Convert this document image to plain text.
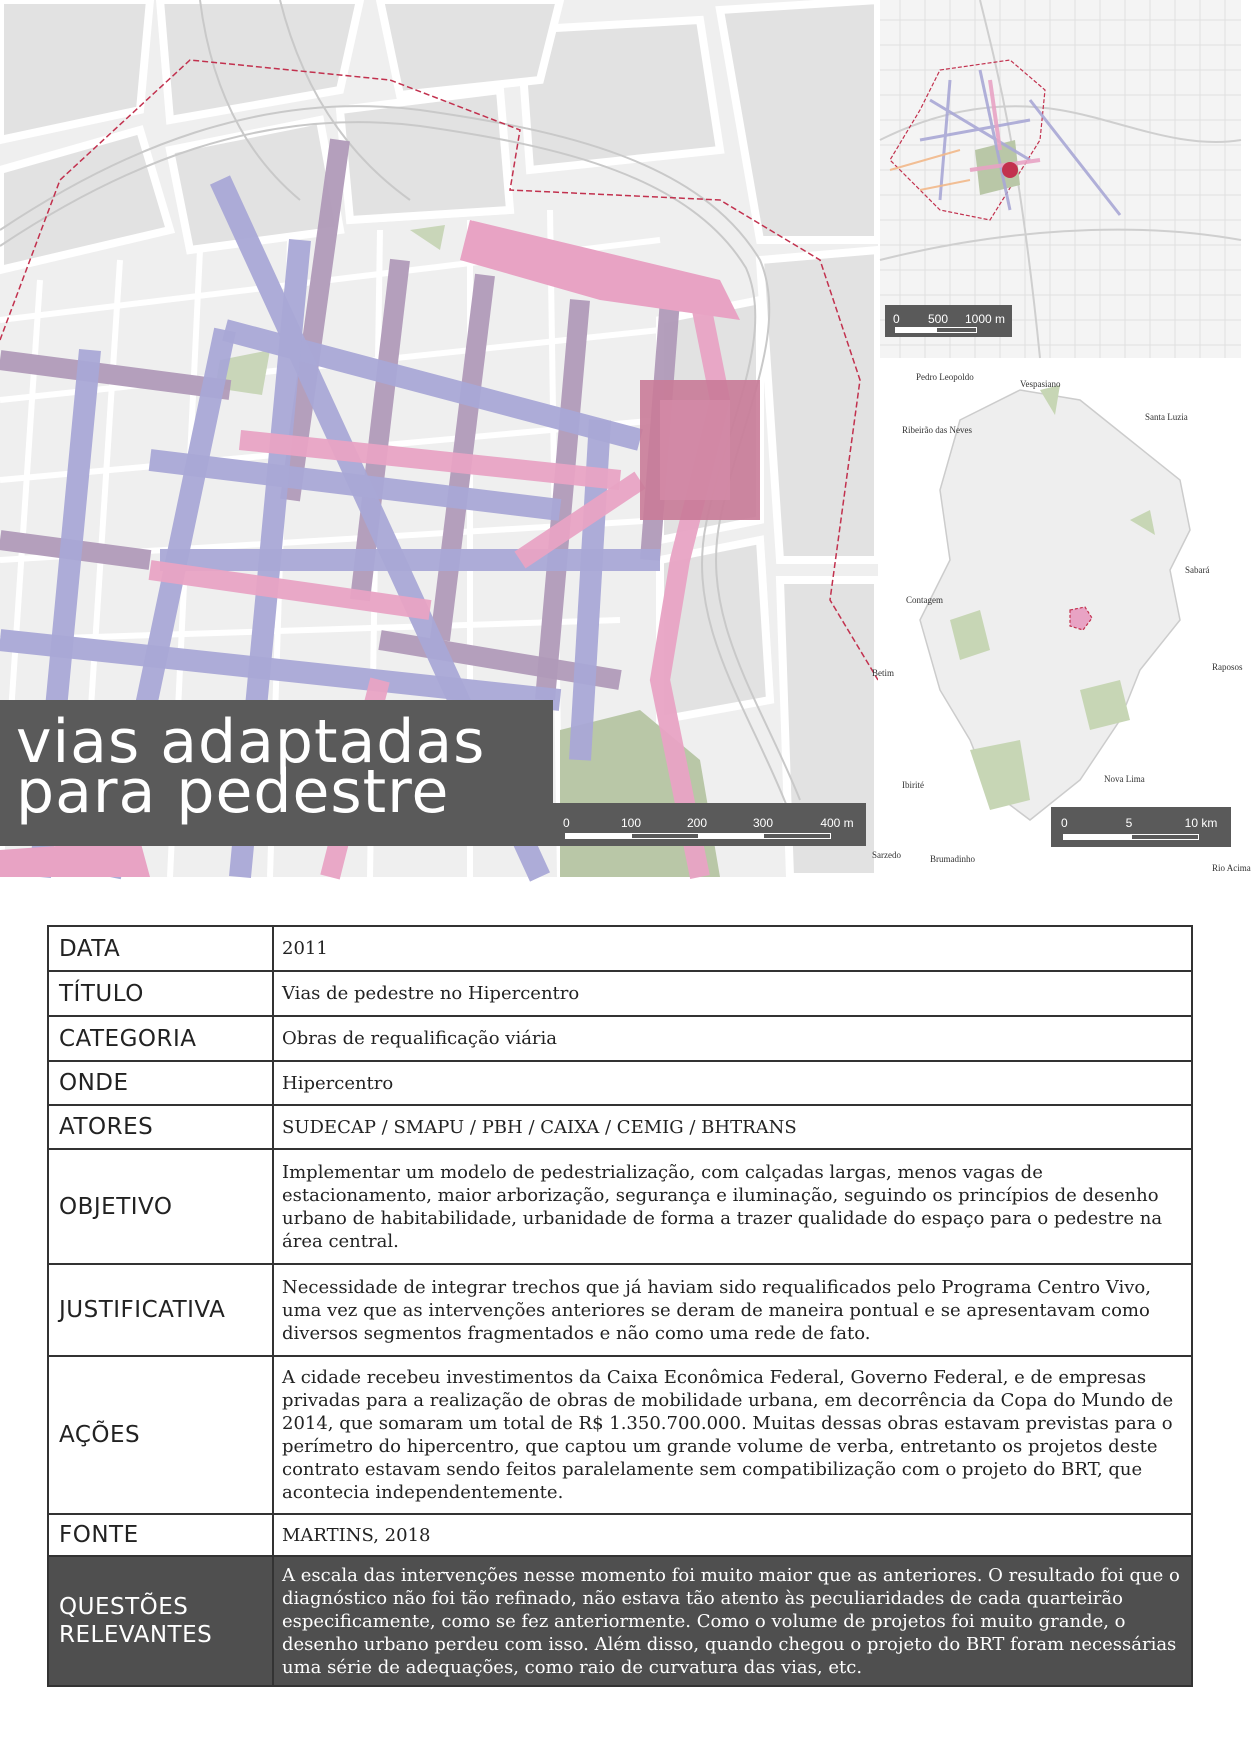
vias adaptadas
para pedestre	0	100	200	300	400 m
0 500 1000 m
Pedro Leopoldo
Vespasiano
Santa Luzia
Ribeirão das Neves
Sabará
Contagem
Betim
Raposos
Ibirité
Nova Lima
Brumadinho
Sarzedo
Rio Acima
0	5	10 km
DATA	2011
TÍTULO	Vias de pedestre no Hipercentro
CATEGORIA	Obras de requalificação viária
ONDE	Hipercentro
ATORES	SUDECAP / SMAPU / PBH / CAIXA / CEMIG / BHTRANS
OBJETIVO	Implementar um modelo de pedestrialização, com calçadas largas, menos vagas de estacionamento, maior arborização, segurança e iluminação, seguindo os princípios de desenho urbano de habitabilidade, urbanidade de forma a trazer qualidade do espaço para o pedestre na área central.
JUSTIFICATIVA	Necessidade de integrar trechos que já haviam sido requalificados pelo Programa Centro Vivo, uma vez que as intervenções anteriores se deram de maneira pontual e se apresentavam como diversos segmentos fragmentados e não como uma rede de fato.
AÇÕES	A cidade recebeu investimentos da Caixa Econômica Federal, Governo Federal, e de empresas privadas para a realização de obras de mobilidade urbana, em decorrência da Copa do Mundo de 2014, que somaram um total de R$ 1.350.700.000. Muitas dessas obras estavam previstas para o perímetro do hipercentro, que captou um grande volume de verba, entretanto os projetos deste contrato estavam sendo feitos paralelamente sem compatibilização com o projeto do BRT, que acontecia independentemente.
FONTE	MARTINS, 2018
QUESTÕES RELEVANTES	A escala das intervenções nesse momento foi muito maior que as anteriores. O resultado foi que o diagnóstico não foi tão refinado, não estava tão atento às peculiaridades de cada quarteirão especificamente, como se fez anteriormente. Como o volume de projetos foi muito grande, o desenho urbano perdeu com isso. Além disso, quando chegou o projeto do BRT foram necessárias uma série de adequações, como raio de curvatura das vias, etc.
